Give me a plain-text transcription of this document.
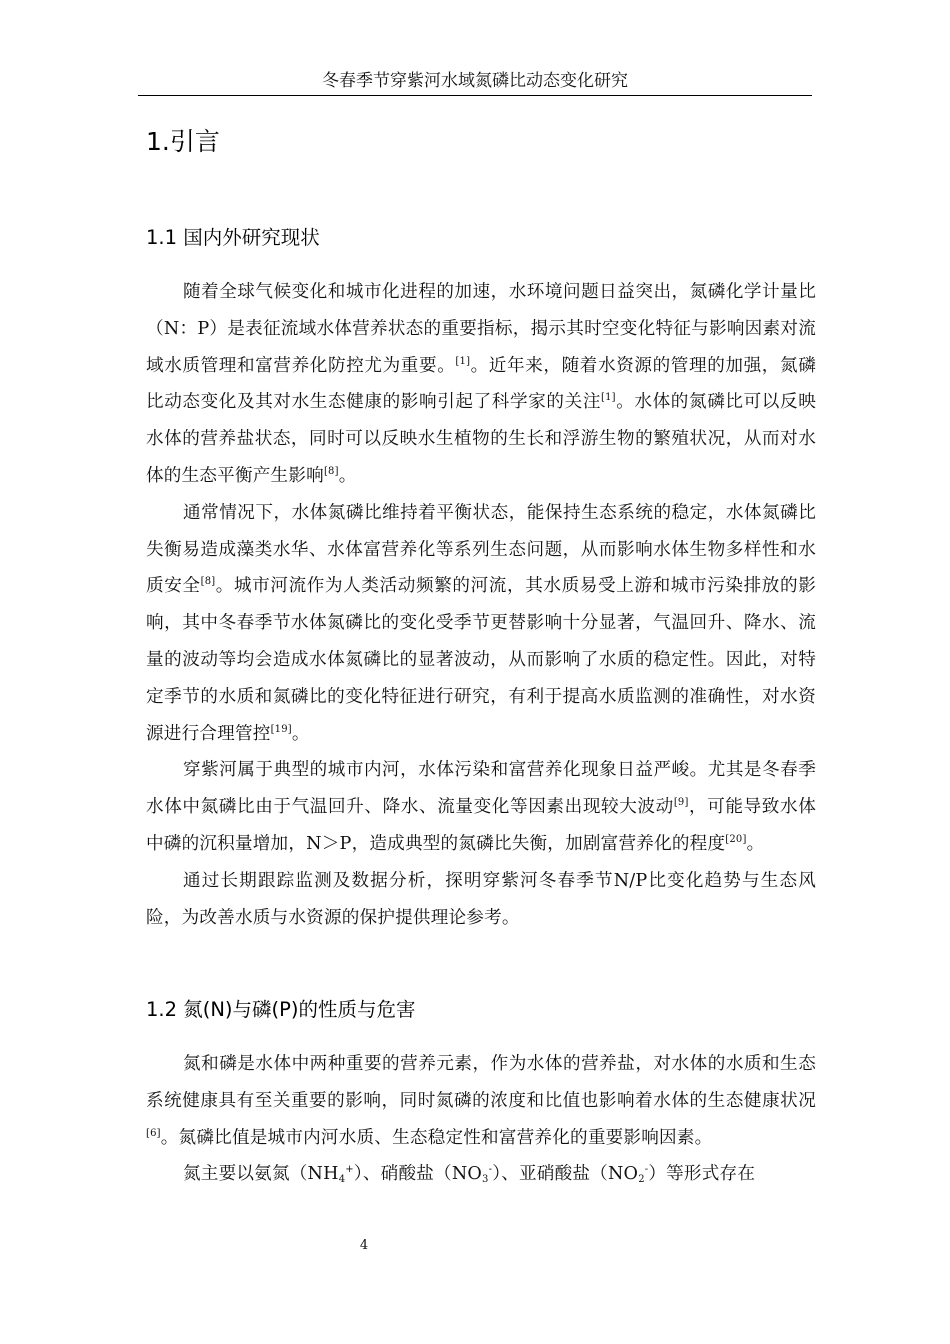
冬春季节穿紫河水域氮磷比动态变化研究
1.引言
1.1 国内外研究现状

随着全球气候变化和城市化进程的加速，水环境问题日益突出，氮磷化学计量比（N：P）是表征流域水体营养状态的重要指标，揭示其时空变化特征与影响因素对流域水质管理和富营养化防控尤为重要。[1]。近年来，随着水资源的管理的加强，氮磷比动态变化及其对水生态健康的影响引起了科学家的关注[1]。水体的氮磷比可以反映水体的营养盐状态，同时可以反映水生植物的生长和浮游生物的繁殖状况，从而对水体的生态平衡产生影响[8]。

通常情况下，水体氮磷比维持着平衡状态，能保持生态系统的稳定，水体氮磷比失衡易造成藻类水华、水体富营养化等系列生态问题，从而影响水体生物多样性和水质安全[8]。城市河流作为人类活动频繁的河流，其水质易受上游和城市污染排放的影响，其中冬春季节水体氮磷比的变化受季节更替影响十分显著，气温回升、降水、流量的波动等均会造成水体氮磷比的显著波动，从而影响了水质的稳定性。因此，对特定季节的水质和氮磷比的变化特征进行研究，有利于提高水质监测的准确性，对水资源进行合理管控[19]。

穿紫河属于典型的城市内河，水体污染和富营养化现象日益严峻。尤其是冬春季水体中氮磷比由于气温回升、降水、流量变化等因素出现较大波动[9]，可能导致水体中磷的沉积量增加，N＞P，造成典型的氮磷比失衡，加剧富营养化的程度[20]。

通过长期跟踪监测及数据分析，探明穿紫河冬春季节N/P比变化趋势与生态风险，为改善水质与水资源的保护提供理论参考。

1.2 氮(N)与磷(P)的性质与危害

氮和磷是水体中两种重要的营养元素，作为水体的营养盐，对水体的水质和生态系统健康具有至关重要的影响，同时氮磷的浓度和比值也影响着水体的生态健康状况[6]。氮磷比值是城市内河水质、生态稳定性和富营养化的重要影响因素。

氮主要以氨氮$(NH_4^+)$、硝酸盐$(NO_3^-)$、亚硝酸盐$(NO_2^-)$等形式存在

4
